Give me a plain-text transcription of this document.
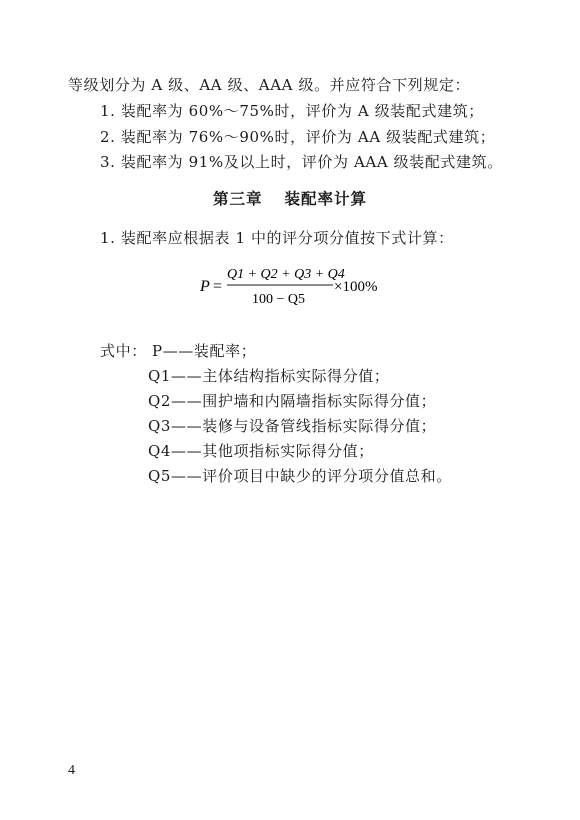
等级划分为 A 级、AA 级、AAA 级。并应符合下列规定：
1. 装配率为 60%～75%时，评价为 A 级装配式建筑；
2. 装配率为 76%～90%时，评价为 AA 级装配式建筑；
3. 装配率为 91%及以上时，评价为 AAA 级装配式建筑。
第三章 装配率计算
1. 装配率应根据表 1 中的评分项分值按下式计算：
P =
Q1 + Q2 + Q3 + Q4
100 − Q5
×100%
式中： P——装配率；
Q1——主体结构指标实际得分值；
Q2——围护墙和内隔墙指标实际得分值；
Q3——装修与设备管线指标实际得分值；
Q4——其他项指标实际得分值；
Q5——评价项目中缺少的评分项分值总和。
4
